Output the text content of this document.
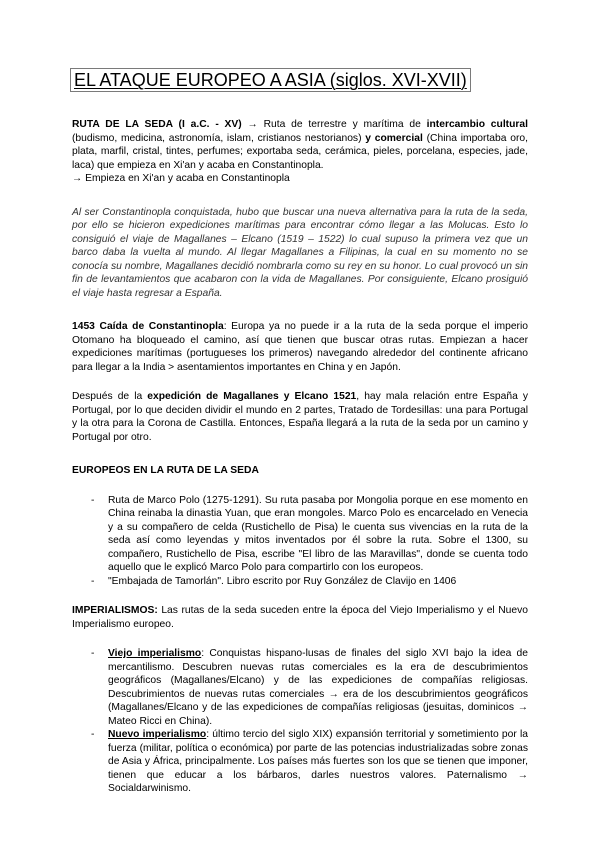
EL ATAQUE EUROPEO A ASIA (siglos. XVI-XVII)

RUTA DE LA SEDA (I a.C. - XV) → Ruta de terrestre y marítima de intercambio cultural (budismo, medicina, astronomía, islam, cristianos nestorianos) y comercial (China importaba oro, plata, marfil, cristal, tintes, perfumes; exportaba seda, cerámica, pieles, porcelana, especies, jade, laca) que empieza en Xi'an y acaba en Constantinopla.

→ Empieza en Xi'an y acaba en Constantinopla

Al ser Constantinopla conquistada, hubo que buscar una nueva alternativa para la ruta de la seda, por ello se hicieron expediciones marítimas para encontrar cómo llegar a las Molucas. Esto lo consiguió el viaje de Magallanes – Elcano (1519 – 1522) lo cual supuso la primera vez que un barco daba la vuelta al mundo. Al llegar Magallanes a Filipinas, la cual en su momento no se conocía su nombre, Magallanes decidió nombrarla como su rey en su honor. Lo cual provocó un sin fin de levantamientos que acabaron con la vida de Magallanes. Por consiguiente, Elcano prosiguió el viaje hasta regresar a España.

1453 Caída de Constantinopla: Europa ya no puede ir a la ruta de la seda porque el imperio Otomano ha bloqueado el camino, así que tienen que buscar otras rutas. Empiezan a hacer expediciones marítimas (portugueses los primeros) navegando alrededor del continente africano para llegar a la India > asentamientos importantes en China y en Japón.

Después de la expedición de Magallanes y Elcano 1521, hay mala relación entre España y Portugal, por lo que deciden dividir el mundo en 2 partes, Tratado de Tordesillas: una para Portugal y la otra para la Corona de Castilla. Entonces, España llegará a la ruta de la seda por un camino y Portugal por otro.

EUROPEOS EN LA RUTA DE LA SEDA

- Ruta de Marco Polo (1275-1291). Su ruta pasaba por Mongolia porque en ese momento en China reinaba la dinastia Yuan, que eran mongoles. Marco Polo es encarcelado en Venecia y a su compañero de celda (Rustichello de Pisa) le cuenta sus vivencias en la ruta de la seda así como leyendas y mitos inventados por él sobre la ruta. Sobre el 1300, su compañero, Rustichello de Pisa, escribe "El libro de las Maravillas", donde se cuenta todo aquello que le explicó Marco Polo para compartirlo con los europeos.
- "Embajada de Tamorlán". Libro escrito por Ruy González de Clavijo en 1406

IMPERIALISMOS: Las rutas de la seda suceden entre la época del Viejo Imperialismo y el Nuevo Imperialismo europeo.

- Viejo imperialismo: Conquistas hispano-lusas de finales del siglo XVI bajo la idea de mercantilismo. Descubren nuevas rutas comerciales es la era de descubrimientos geográficos (Magallanes/Elcano) y de las expediciones de compañías religiosas. Descubrimientos de nuevas rutas comerciales → era de los descubrimientos geográficos (Magallanes/Elcano y de las expediciones de compañías religiosas (jesuitas, dominicos → Mateo Ricci en China).
- Nuevo imperialismo: último tercio del siglo XIX) expansión territorial y sometimiento por la fuerza (militar, política o económica) por parte de las potencias industrializadas sobre zonas de Asia y África, principalmente. Los países más fuertes son los que se tienen que imponer, tienen que educar a los bárbaros, darles nuestros valores. Paternalismo → Socialdarwinismo.
